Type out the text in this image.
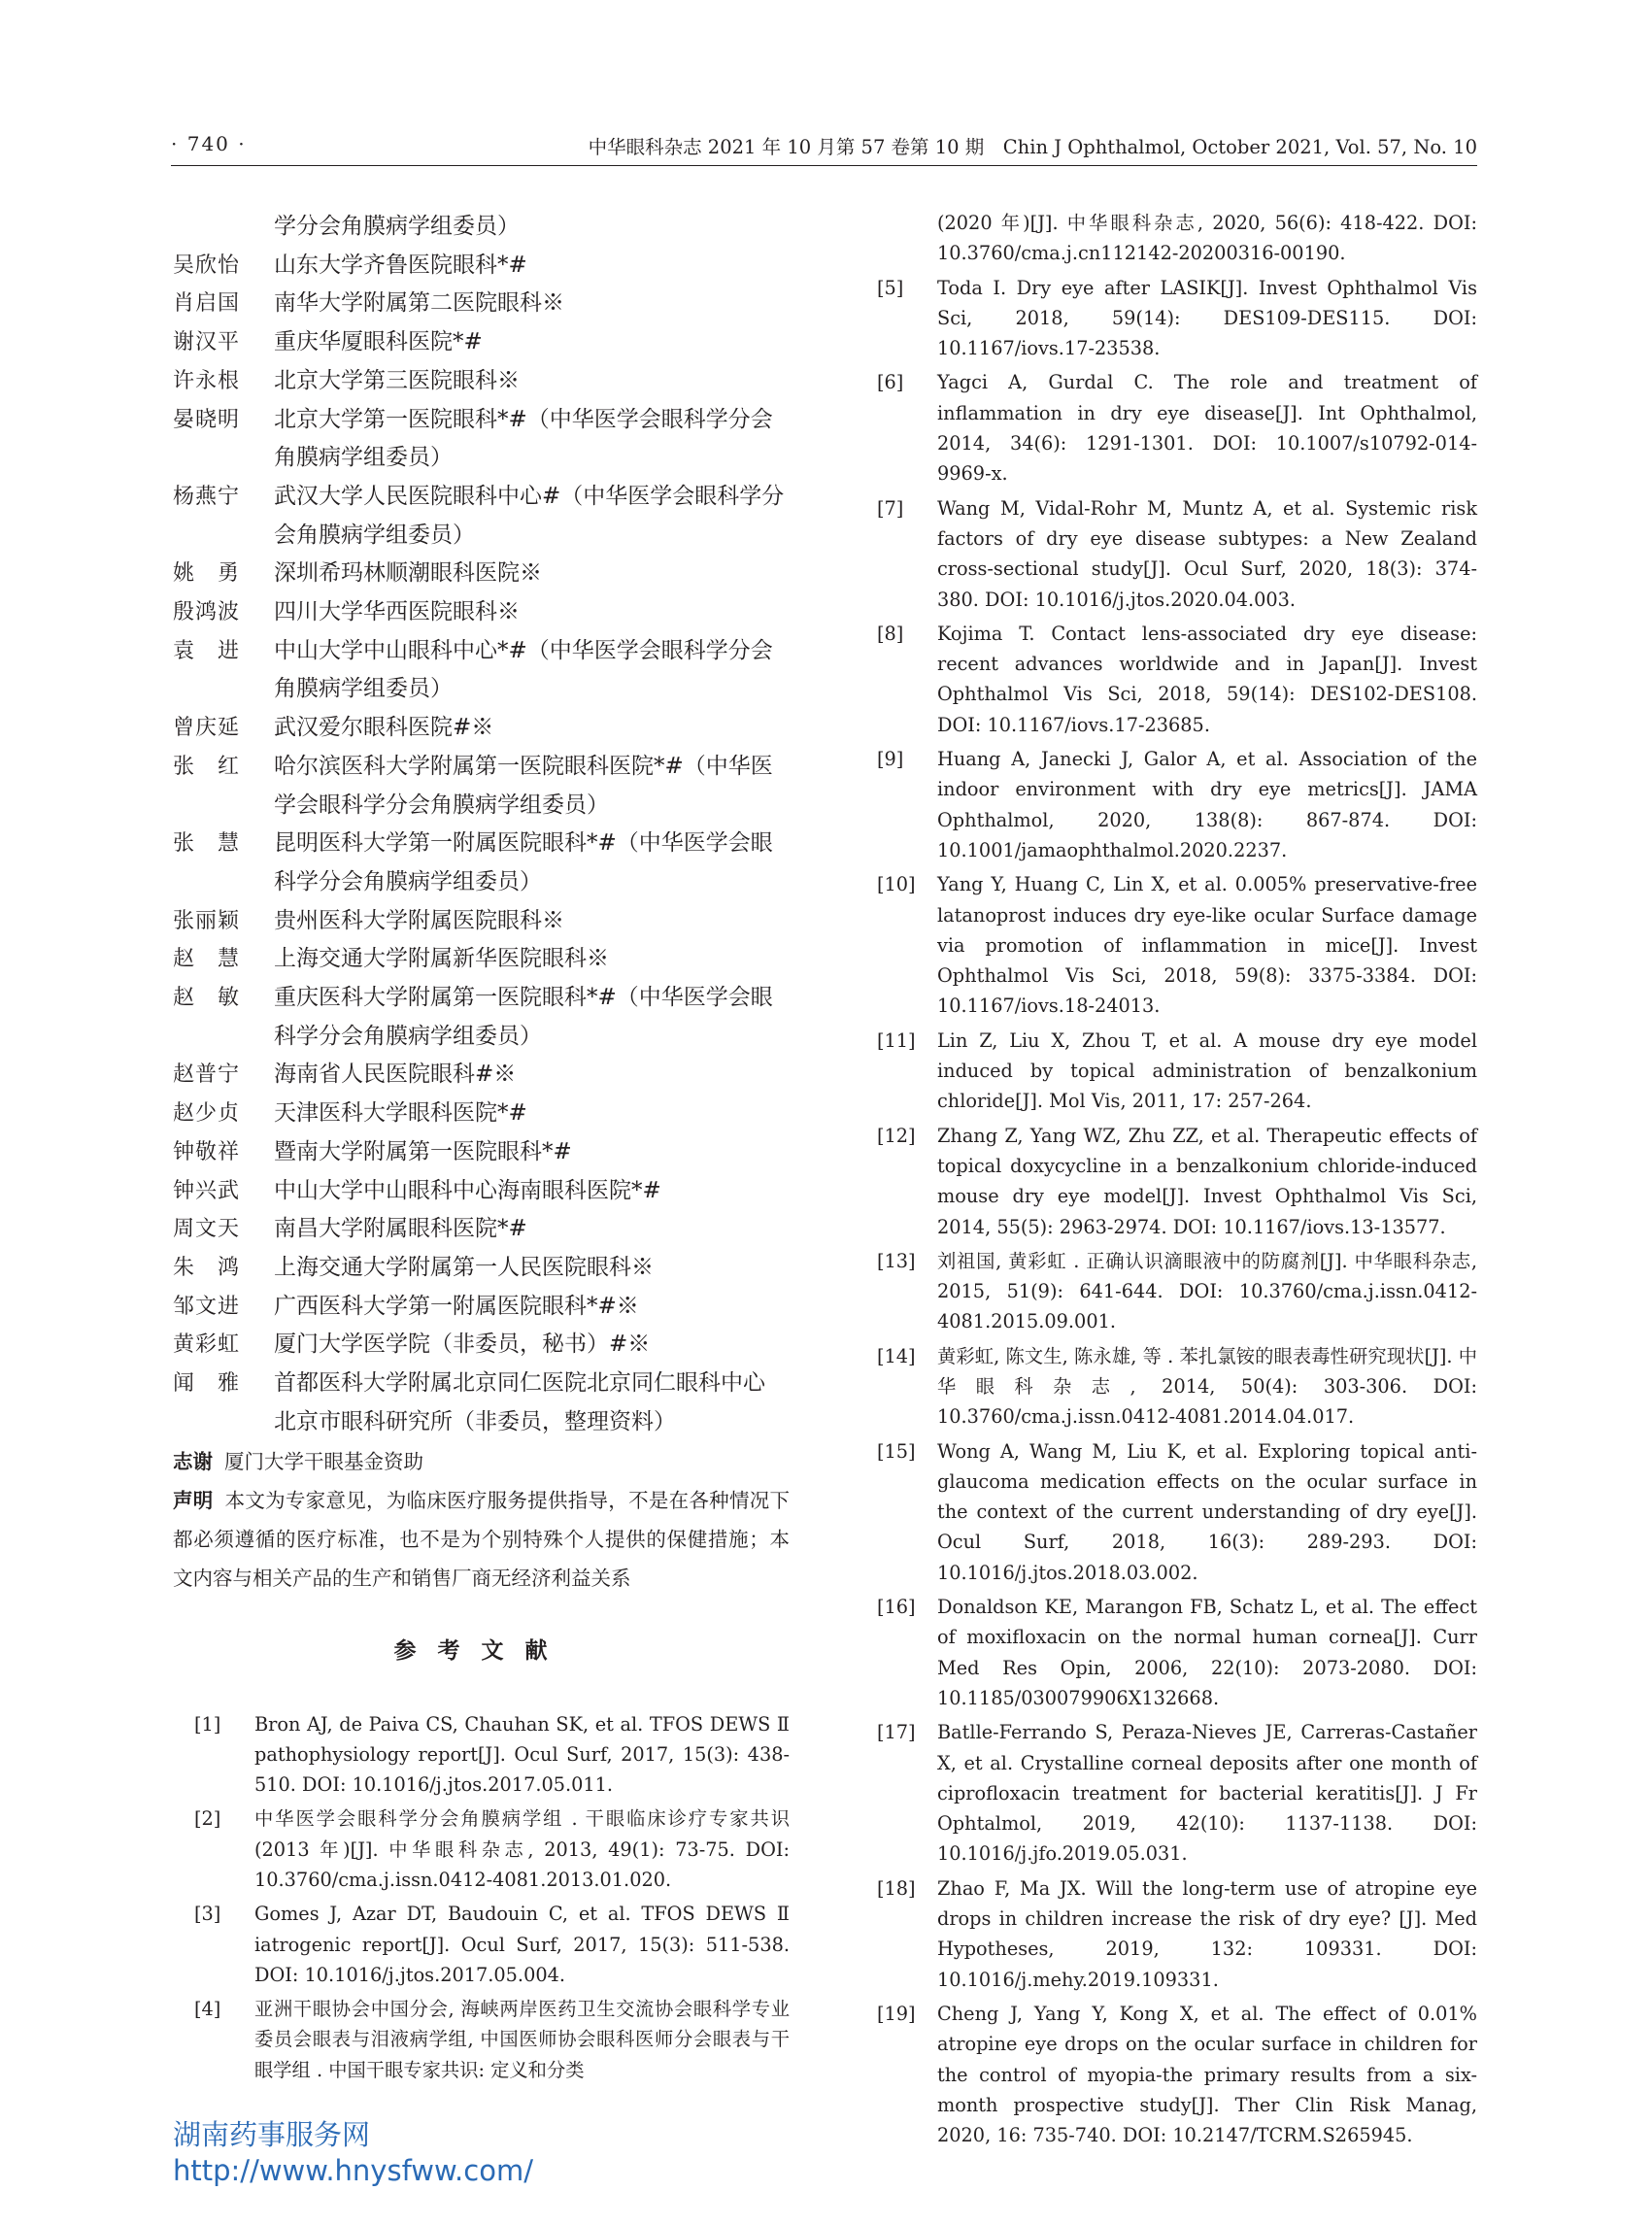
· 740 ·	中华眼科杂志 2021 年 10 月第 57 卷第 10 期　Chin J Ophthalmol, October 2021, Vol. 57, No. 10
学分会角膜病学组委员）
吴欣怡 山东大学齐鲁医院眼科*#
肖启国 南华大学附属第二医院眼科※
谢汉平 重庆华厦眼科医院*#
许永根 北京大学第三医院眼科※
晏晓明 北京大学第一医院眼科*#（中华医学会眼科学分会角膜病学组委员）
杨燕宁 武汉大学人民医院眼科中心#（中华医学会眼科学分会角膜病学组委员）
姚　勇 深圳希玛林顺潮眼科医院※
殷鸿波 四川大学华西医院眼科※
袁　进 中山大学中山眼科中心*#（中华医学会眼科学分会角膜病学组委员）
曾庆延 武汉爱尔眼科医院#※
张　红 哈尔滨医科大学附属第一医院眼科医院*#（中华医学会眼科学分会角膜病学组委员）
张　慧 昆明医科大学第一附属医院眼科*#（中华医学会眼科学分会角膜病学组委员）
张丽颖 贵州医科大学附属医院眼科※
赵　慧 上海交通大学附属新华医院眼科※
赵　敏 重庆医科大学附属第一医院眼科*#（中华医学会眼科学分会角膜病学组委员）
赵普宁 海南省人民医院眼科#※
赵少贞 天津医科大学眼科医院*#
钟敬祥 暨南大学附属第一医院眼科*#
钟兴武 中山大学中山眼科中心海南眼科医院*#
周文天 南昌大学附属眼科医院*#
朱　鸿 上海交通大学附属第一人民医院眼科※
邹文进 广西医科大学第一附属医院眼科*#※
黄彩虹 厦门大学医学院（非委员，秘书）#※
闻　雅 首都医科大学附属北京同仁医院北京同仁眼科中心 北京市眼科研究所（非委员，整理资料）
志谢 厦门大学干眼基金资助
声明 本文为专家意见，为临床医疗服务提供指导，不是在各种情况下都必须遵循的医疗标准，也不是为个别特殊个人提供的保健措施；本文内容与相关产品的生产和销售厂商无经济利益关系
参考文献
[1] Bron AJ, de Paiva CS, Chauhan SK, et al. TFOS DEWS Ⅱ pathophysiology report[J]. Ocul Surf, 2017, 15(3): 438-510. DOI: 10.1016/j.jtos.2017.05.011.
[2] 中华医学会眼科学分会角膜病学组 . 干眼临床诊疗专家共识(2013 年)[J]. 中华眼科杂志, 2013, 49(1): 73-75. DOI: 10.3760/cma.j.issn.0412-4081.2013.01.020.
[3] Gomes J, Azar DT, Baudouin C, et al. TFOS DEWS Ⅱ iatrogenic report[J]. Ocul Surf, 2017, 15(3): 511-538. DOI: 10.1016/j.jtos.2017.05.004.
[4] 亚洲干眼协会中国分会, 海峡两岸医药卫生交流协会眼科学专业委员会眼表与泪液病学组, 中国医师协会眼科医师分会眼表与干眼学组 . 中国干眼专家共识: 定义和分类
(2020 年)[J]. 中华眼科杂志, 2020, 56(6): 418-422. DOI: 10.3760/cma.j.cn112142-20200316-00190.
[5] Toda I. Dry eye after LASIK[J]. Invest Ophthalmol Vis Sci, 2018, 59(14): DES109-DES115. DOI: 10.1167/iovs.17-23538.
[6] Yagci A, Gurdal C. The role and treatment of inflammation in dry eye disease[J]. Int Ophthalmol, 2014, 34(6): 1291-1301. DOI: 10.1007/s10792-014-9969-x.
[7] Wang M, Vidal-Rohr M, Muntz A, et al. Systemic risk factors of dry eye disease subtypes: a New Zealand cross-sectional study[J]. Ocul Surf, 2020, 18(3): 374-380. DOI: 10.1016/j.jtos.2020.04.003.
[8] Kojima T. Contact lens-associated dry eye disease: recent advances worldwide and in Japan[J]. Invest Ophthalmol Vis Sci, 2018, 59(14): DES102-DES108. DOI: 10.1167/iovs.17-23685.
[9] Huang A, Janecki J, Galor A, et al. Association of the indoor environment with dry eye metrics[J]. JAMA Ophthalmol, 2020, 138(8): 867-874. DOI: 10.1001/jamaophthalmol.2020.2237.
[10] Yang Y, Huang C, Lin X, et al. 0.005% preservative-free latanoprost induces dry eye-like ocular Surface damage via promotion of inflammation in mice[J]. Invest Ophthalmol Vis Sci, 2018, 59(8): 3375-3384. DOI: 10.1167/iovs.18-24013.
[11] Lin Z, Liu X, Zhou T, et al. A mouse dry eye model induced by topical administration of benzalkonium chloride[J]. Mol Vis, 2011, 17: 257-264.
[12] Zhang Z, Yang WZ, Zhu ZZ, et al. Therapeutic effects of topical doxycycline in a benzalkonium chloride-induced mouse dry eye model[J]. Invest Ophthalmol Vis Sci, 2014, 55(5): 2963-2974. DOI: 10.1167/iovs.13-13577.
[13] 刘祖国, 黄彩虹 . 正确认识滴眼液中的防腐剂[J]. 中华眼科杂志, 2015, 51(9): 641-644. DOI: 10.3760/cma.j.issn.0412-4081.2015.09.001.
[14] 黄彩虹, 陈文生, 陈永雄, 等 . 苯扎氯铵的眼表毒性研究现状[J]. 中华眼科杂志, 2014, 50(4): 303-306. DOI: 10.3760/cma.j.issn.0412-4081.2014.04.017.
[15] Wong A, Wang M, Liu K, et al. Exploring topical anti-glaucoma medication effects on the ocular surface in the context of the current understanding of dry eye[J]. Ocul Surf, 2018, 16(3): 289-293. DOI: 10.1016/j.jtos.2018.03.002.
[16] Donaldson KE, Marangon FB, Schatz L, et al. The effect of moxifloxacin on the normal human cornea[J]. Curr Med Res Opin, 2006, 22(10): 2073-2080. DOI: 10.1185/030079906X132668.
[17] Batlle-Ferrando S, Peraza-Nieves JE, Carreras-Castañer X, et al. Crystalline corneal deposits after one month of ciprofloxacin treatment for bacterial keratitis[J]. J Fr Ophtalmol, 2019, 42(10): 1137-1138. DOI: 10.1016/j.jfo.2019.05.031.
[18] Zhao F, Ma JX. Will the long-term use of atropine eye drops in children increase the risk of dry eye? [J]. Med Hypotheses, 2019, 132: 109331. DOI: 10.1016/j.mehy.2019.109331.
[19] Cheng J, Yang Y, Kong X, et al. The effect of 0.01% atropine eye drops on the ocular surface in children for the control of myopia-the primary results from a six-month prospective study[J]. Ther Clin Risk Manag, 2020, 16: 735-740. DOI: 10.2147/TCRM.S265945.
湖南药事服务网
http://www.hnysfww.com/
